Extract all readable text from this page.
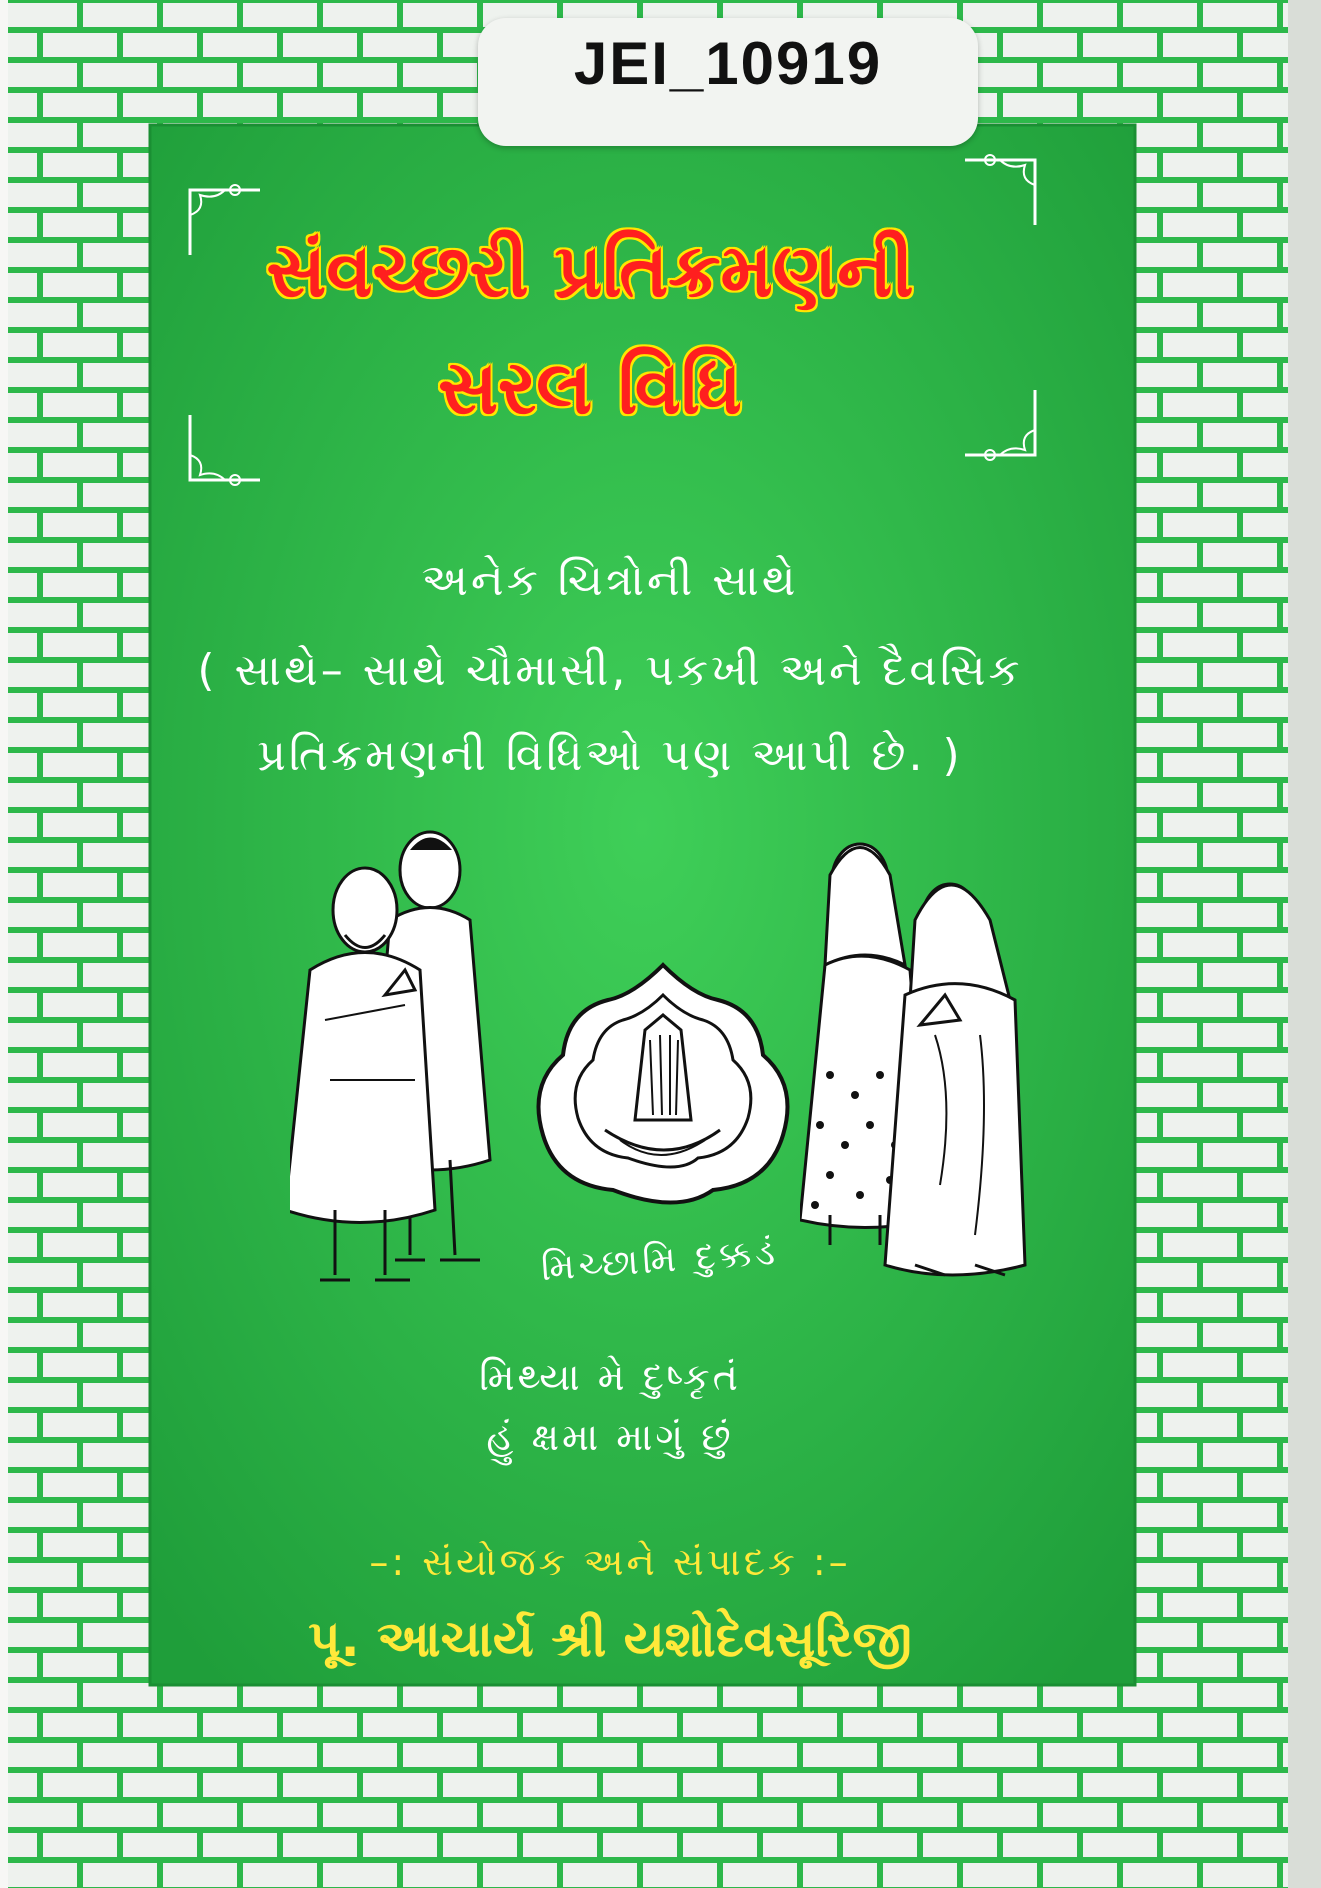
JEI_10919
સંવચ્છરી પ્રતિક્રમણની
સરલ વિધિ
અનેક ચિત્રોની સાથે
( સાથે– સાથે ચૌમાસી, પકખી અને દૈવસિક
પ્રતિક્રમણની વિધિઓ પણ આપી છે. )
મિચ્છામિ દુક્કડં
મિથ્યા મે દુષ્કૃતં
હું ક્ષમા માગું છું
–: સંયોજક અને સંપાદક :–
પૂ. આચાર્ય શ્રી યશોદેવસૂરિજી
